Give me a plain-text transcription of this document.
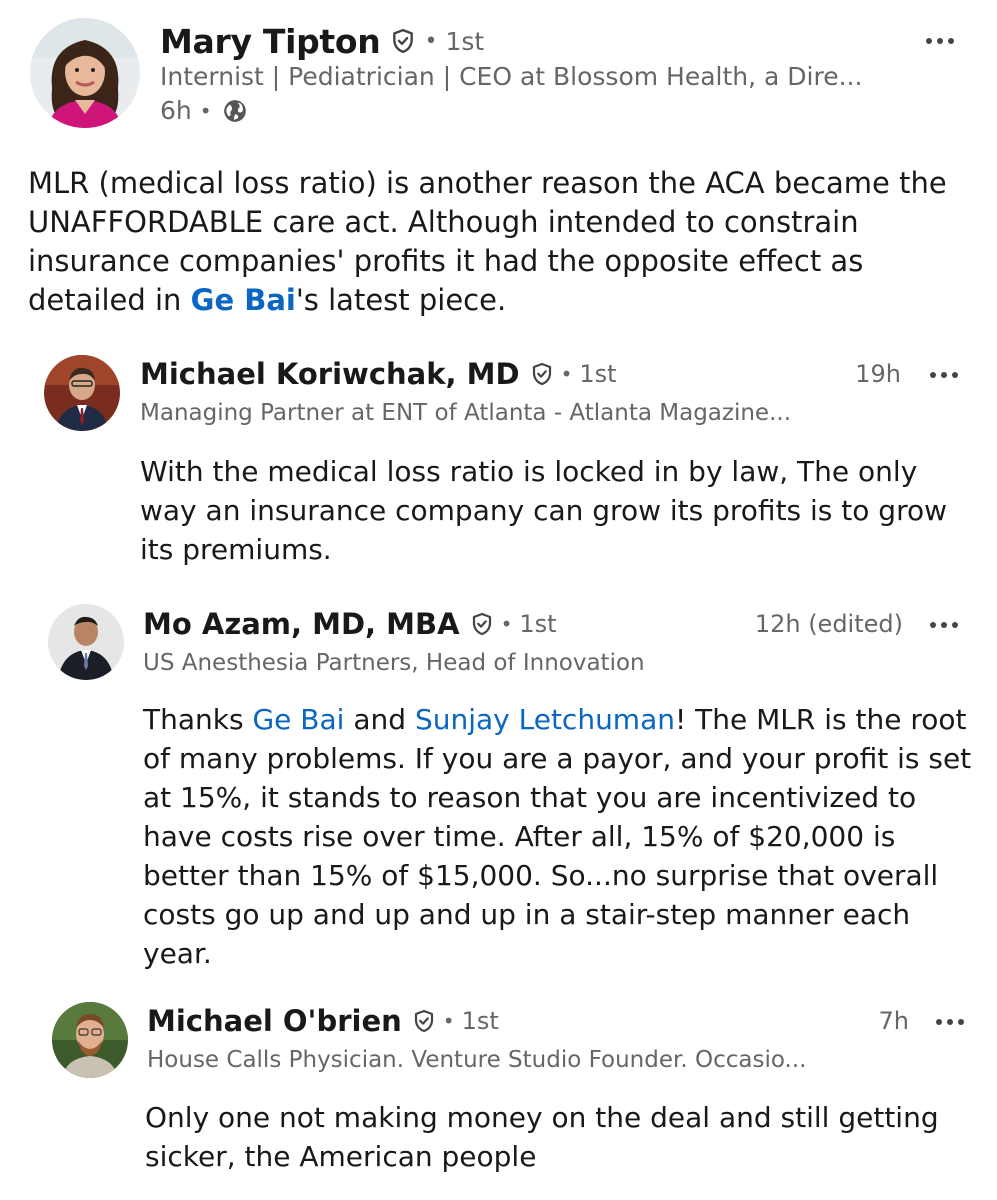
Mary Tipton • 1st
Internist | Pediatrician | CEO at Blossom Health, a Dire...
6h •
MLR (medical loss ratio) is another reason the ACA became the UNAFFORDABLE care act. Although intended to constrain insurance companies' profits it had the opposite effect as detailed in Ge Bai's latest piece.
Michael Koriwchak, MD • 1st	19h
Managing Partner at ENT of Atlanta - Atlanta Magazine...
With the medical loss ratio is locked in by law, The only way an insurance company can grow its profits is to grow its premiums.
Mo Azam, MD, MBA • 1st	12h (edited)
US Anesthesia Partners, Head of Innovation
Thanks Ge Bai and Sunjay Letchuman! The MLR is the root of many problems. If you are a payor, and your profit is set at 15%, it stands to reason that you are incentivized to have costs rise over time. After all, 15% of $20,000 is better than 15% of $15,000. So...no surprise that overall costs go up and up and up in a stair-step manner each year.
Michael O'brien • 1st	7h
House Calls Physician. Venture Studio Founder. Occasio...
Only one not making money on the deal and still getting sicker, the American people
